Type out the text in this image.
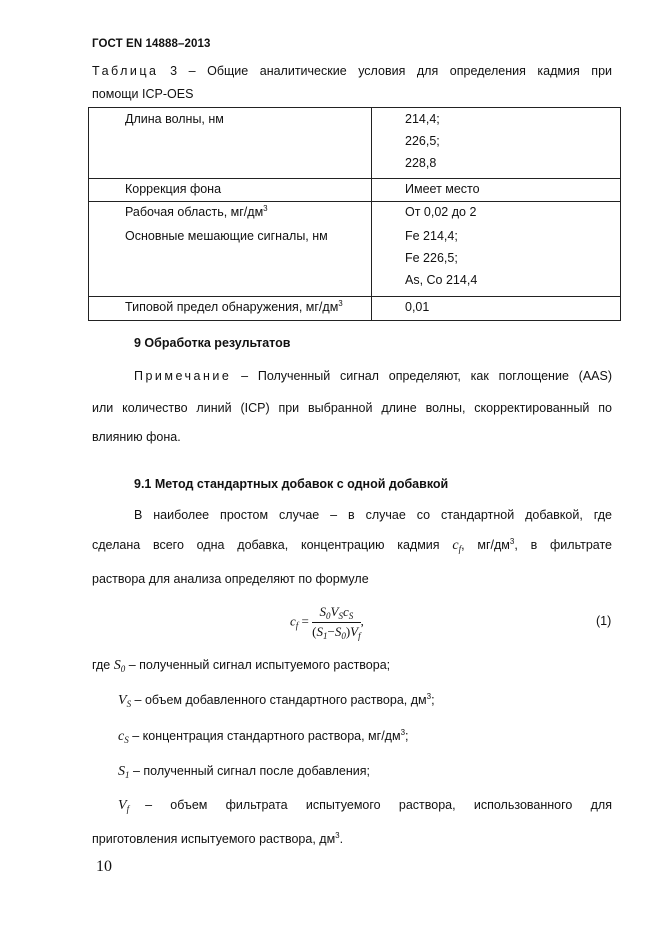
ГОСТ EN 14888–2013
Таблица 3 – Общие аналитические условия для определения кадмия при
помощи ICP-OES
Длина волны, нм	214,4;
226,5;
228,8
Коррекция фона	Имеет место
Рабочая область, $мг/дм^3$	От 0,02 до 2
Основные мешающие сигналы, нм	Fe 214,4;
Fe 226,5;
As, Co 214,4
Типовой предел обнаружения, $мг/дм^3$	0,01
9 Обработка результатов
Примечание – Полученный сигнал определяют, как поглощение (AAS)
или количество линий (ICP) при выбранной длине волны, скорректированный по
влиянию фона.
9.1 Метод стандартных добавок с одной добавкой
В наиболее простом случае – в случае со стандартной добавкой, где
сделана всего одна добавка, концентрацию кадмия $c_f$, $мг/дм^3$, в фильтрате
раствора для анализа определяют по формуле
$c_f = \frac{S_0V_Sc_S}{(S_1-S_0)V_f}$ ,	(1)
где $S_0$ – полученный сигнал испытуемого раствора;
$V_S$ – объем добавленного стандартного раствора, $дм^3$;
$c_S$ – концентрация стандартного раствора, $мг/дм^3$;
$S_1$ – полученный сигнал после добавления;
$V_f$ – объем фильтрата испытуемого раствора, использованного для
приготовления испытуемого раствора, $дм^3$.
10
